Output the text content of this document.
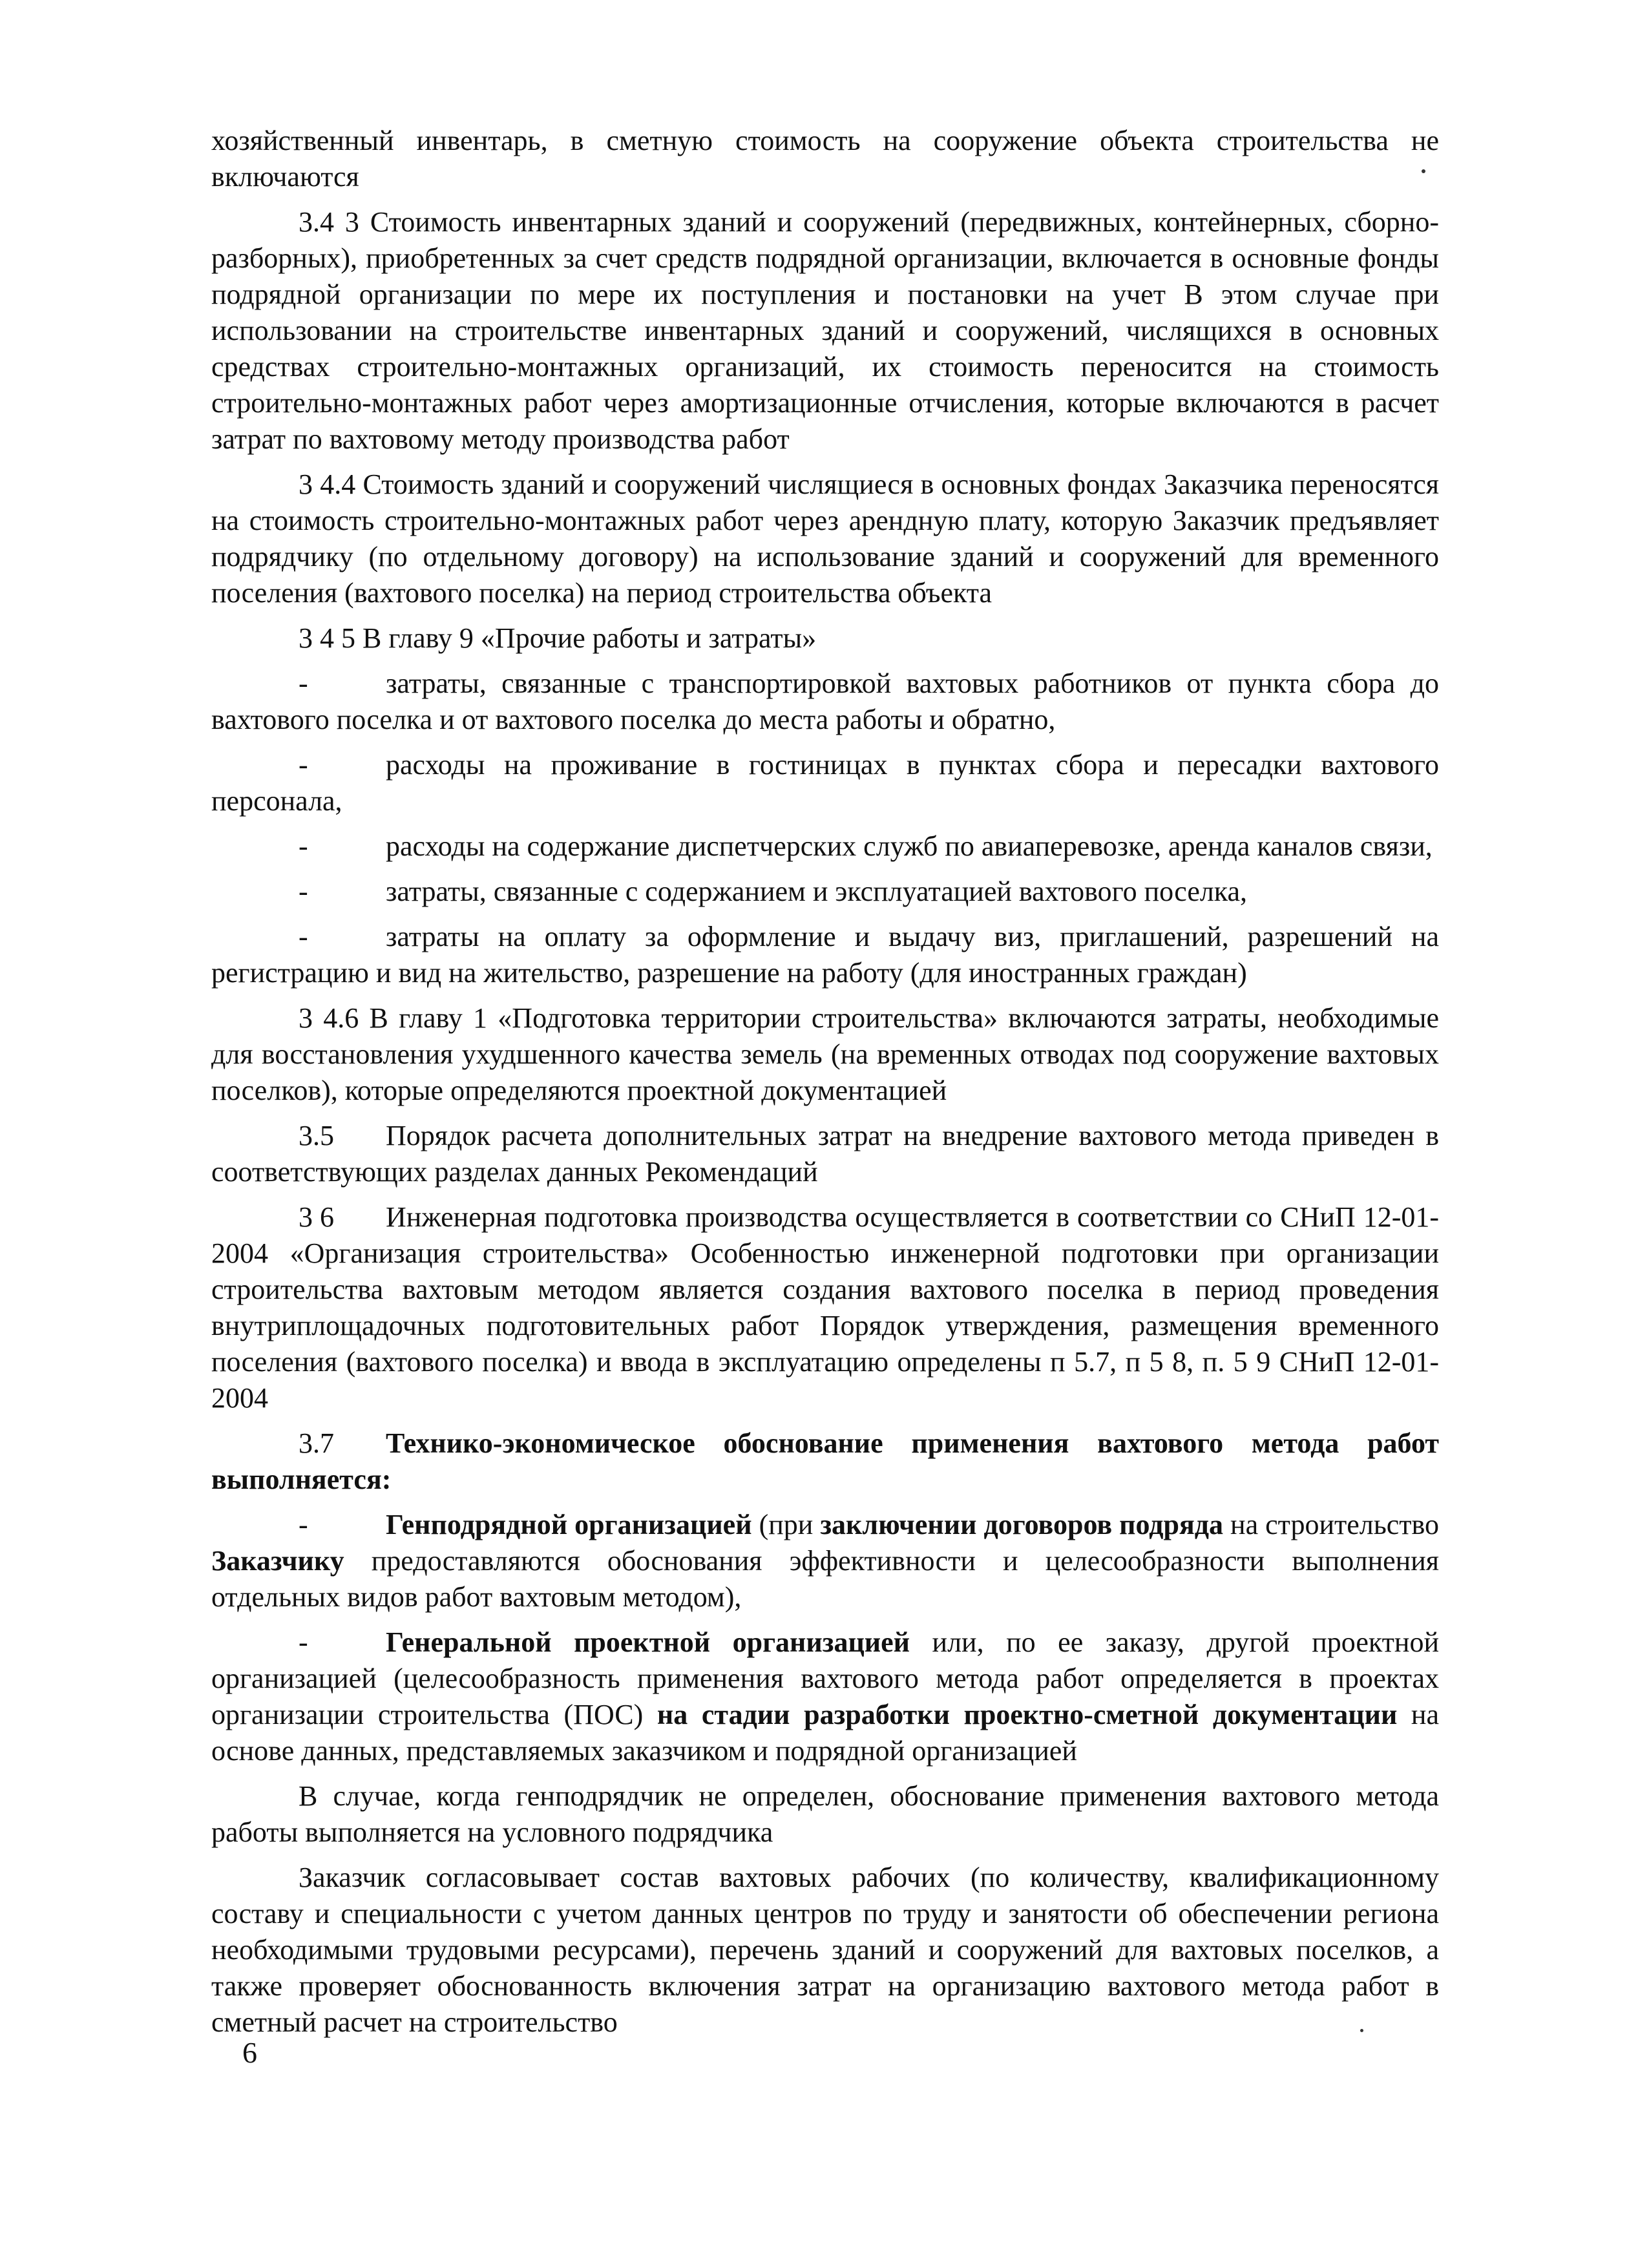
хозяйственный инвентарь, в сметную стоимость на сооружение объекта строительства не включаются

3.4 3 Стоимость инвентарных зданий и сооружений (передвижных, контейнерных, сборно-разборных), приобретенных за счет средств подрядной организации, включается в основные фонды подрядной организации по мере их поступления и постановки на учет В этом случае при использовании на строительстве инвентарных зданий и сооружений, числящихся в основных средствах строительно-монтажных организаций, их стоимость переносится на стоимость строительно-монтажных работ через амортизационные отчисления, которые включаются в расчет затрат по вахтовому методу производства работ

3 4.4 Стоимость зданий и сооружений числящиеся в основных фондах Заказчика переносятся на стоимость строительно-монтажных работ через арендную плату, которую Заказчик предъявляет подрядчику (по отдельному договору) на использование зданий и сооружений для временного поселения (вахтового поселка) на период строительства объекта

3 4 5 В главу 9 «Прочие работы и затраты»

-	затраты, связанные с транспортировкой вахтовых работников от пункта сбора до вахтового поселка и от вахтового поселка до места работы и обратно,

-	расходы на проживание в гостиницах в пунктах сбора и пересадки вахтового персонала,

-	расходы на содержание диспетчерских служб по авиаперевозке, аренда каналов связи,

-	затраты, связанные с содержанием и эксплуатацией вахтового поселка,

-	затраты на оплату за оформление и выдачу виз, приглашений, разрешений на регистрацию и вид на жительство, разрешение на работу (для иностранных граждан)

3 4.6 В главу 1 «Подготовка территории строительства» включаются затраты, необходимые для восстановления ухудшенного качества земель (на временных отводах под сооружение вахтовых поселков), которые определяются проектной документацией

3.5 Порядок расчета дополнительных затрат на внедрение вахтового метода приведен в соответствующих разделах данных Рекомендаций

3 6 Инженерная подготовка производства осуществляется в соответствии со СНиП 12-01-2004 «Организация строительства» Особенностью инженерной подготовки при организации строительства вахтовым методом является создания вахтового поселка в период проведения внутриплощадочных подготовительных работ Порядок утверждения, размещения временного поселения (вахтового поселка) и ввода в эксплуатацию определены п 5.7, п 5 8, п. 5 9 СНиП 12-01-2004

3.7 Технико-экономическое обоснование применения вахтового метода работ выполняется:

-	Генподрядной организацией (при заключении договоров подряда на строительство Заказчику предоставляются обоснования эффективности и целесообразности выполнения отдельных видов работ вахтовым методом),

-	Генеральной проектной организацией или, по ее заказу, другой проектной организацией (целесообразность применения вахтового метода работ определяется в проектах организации строительства (ПОС) на стадии разработки проектно-сметной документации на основе данных, представляемых заказчиком и подрядной организацией

В случае, когда генподрядчик не определен, обоснование применения вахтового метода работы выполняется на условного подрядчика

Заказчик согласовывает состав вахтовых рабочих (по количеству, квалификационному составу и специальности с учетом данных центров по труду и занятости об обеспечении региона необходимыми трудовыми ресурсами), перечень зданий и сооружений для вахтовых поселков, а также проверяет обоснованность включения затрат на организацию вахтового метода работ в сметный расчет на строительство

6
